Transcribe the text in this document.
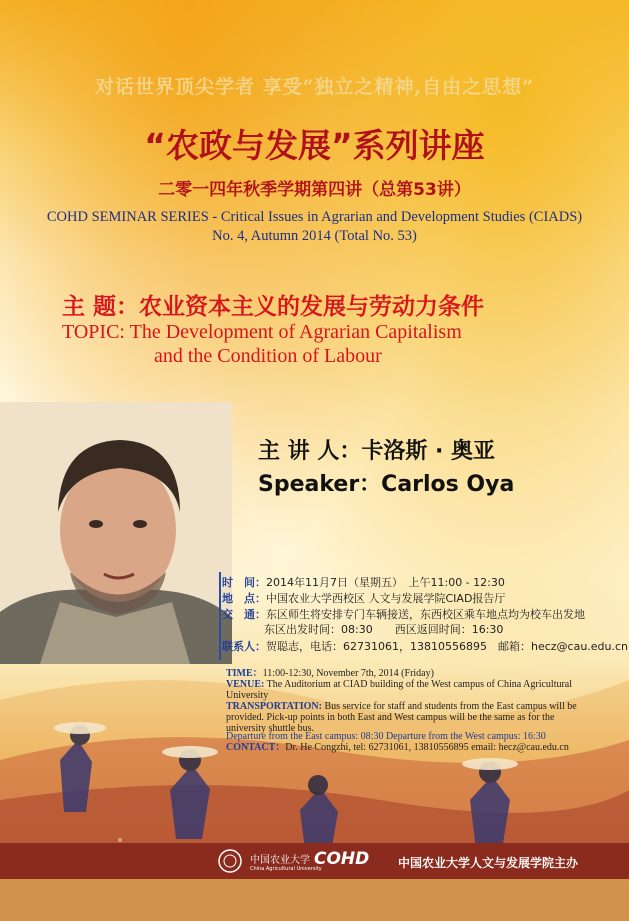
对话世界顶尖学者 享受“独立之精神,自由之思想”
“农政与发展”系列讲座
二零一四年秋季学期第四讲（总第53讲）
COHD SEMINAR SERIES - Critical Issues in Agrarian and Development Studies (CIADS)
No. 4, Autumn 2014 (Total No. 53)
主 题：农业资本主义的发展与劳动力条件
TOPIC: The Development of Agrarian Capitalism
and the Condition of Labour
主 讲 人：卡洛斯 · 奥亚
Speaker：Carlos Oya
时　间：2014年11月7日（星期五）　上午11:00 - 12:30
地　点：中国农业大学西校区 人文与发展学院CIAD报告厅
交　通：东区师生将安排专门车辆接送，东西校区乘车地点均为校车出发地
东区出发时间：08:30　　西区返回时间：16:30
联系人：贺聪志，电话：62731061，13810556895　邮箱：hecz@cau.edu.cn
TIME：11:00-12:30, November 7th, 2014 (Friday)
VENUE: The Auditorium at CIAD building of the West campus of China Agricultural University
TRANSPORTATION: Bus service for staff and students from the East campus will be provided. Pick-up points in both East and West campus will be the same as for the university shuttle bus.
Departure from the East campus: 08:30 Departure from the West campus: 16:30
CONTACT：Dr. He Congzhi, tel: 62731061, 13810556895 email: hecz@cau.edu.cn
中国农业大学
China Agricultural University
COHD 中国农业大学人文与发展学院主办
